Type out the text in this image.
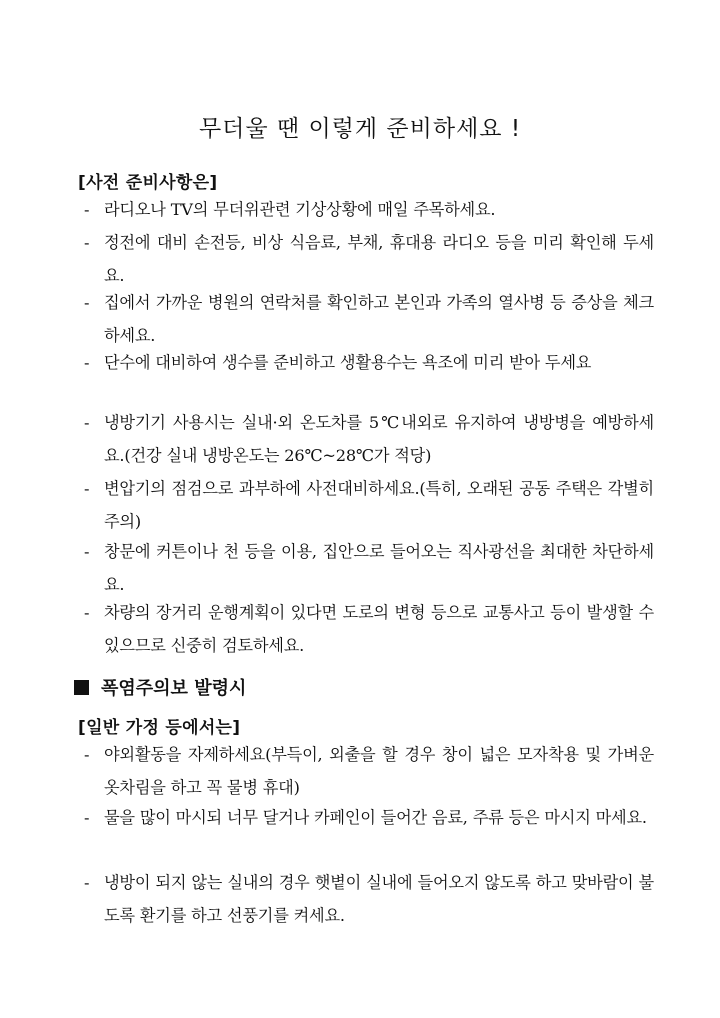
무더울 땐 이렇게 준비하세요 !
[사전 준비사항은]
- 라디오나 TV의 무더위관련 기상상황에 매일 주목하세요.
- 정전에 대비 손전등, 비상 식음료, 부채, 휴대용 라디오 등을 미리 확인해 두세요.
- 집에서 가까운 병원의 연락처를 확인하고 본인과 가족의 열사병 등 증상을 체크하세요.
- 단수에 대비하여 생수를 준비하고 생활용수는 욕조에 미리 받아 두세요
- 냉방기기 사용시는 실내·외 온도차를 5℃내외로 유지하여 냉방병을 예방하세요.(건강 실내 냉방온도는 26℃~28℃가 적당)
- 변압기의 점검으로 과부하에 사전대비하세요.(특히, 오래된 공동 주택은 각별히 주의)
- 창문에 커튼이나 천 등을 이용, 집안으로 들어오는 직사광선을 최대한 차단하세요.
- 차량의 장거리 운행계획이 있다면 도로의 변형 등으로 교통사고 등이 발생할 수 있으므로 신중히 검토하세요.
폭염주의보 발령시
[일반 가정 등에서는]
- 야외활동을 자제하세요(부득이, 외출을 할 경우 창이 넓은 모자착용 및 가벼운 옷차림을 하고 꼭 물병 휴대)
- 물을 많이 마시되 너무 달거나 카페인이 들어간 음료, 주류 등은 마시지 마세요.
- 냉방이 되지 않는 실내의 경우 햇볕이 실내에 들어오지 않도록 하고 맞바람이 불도록 환기를 하고 선풍기를 켜세요.
